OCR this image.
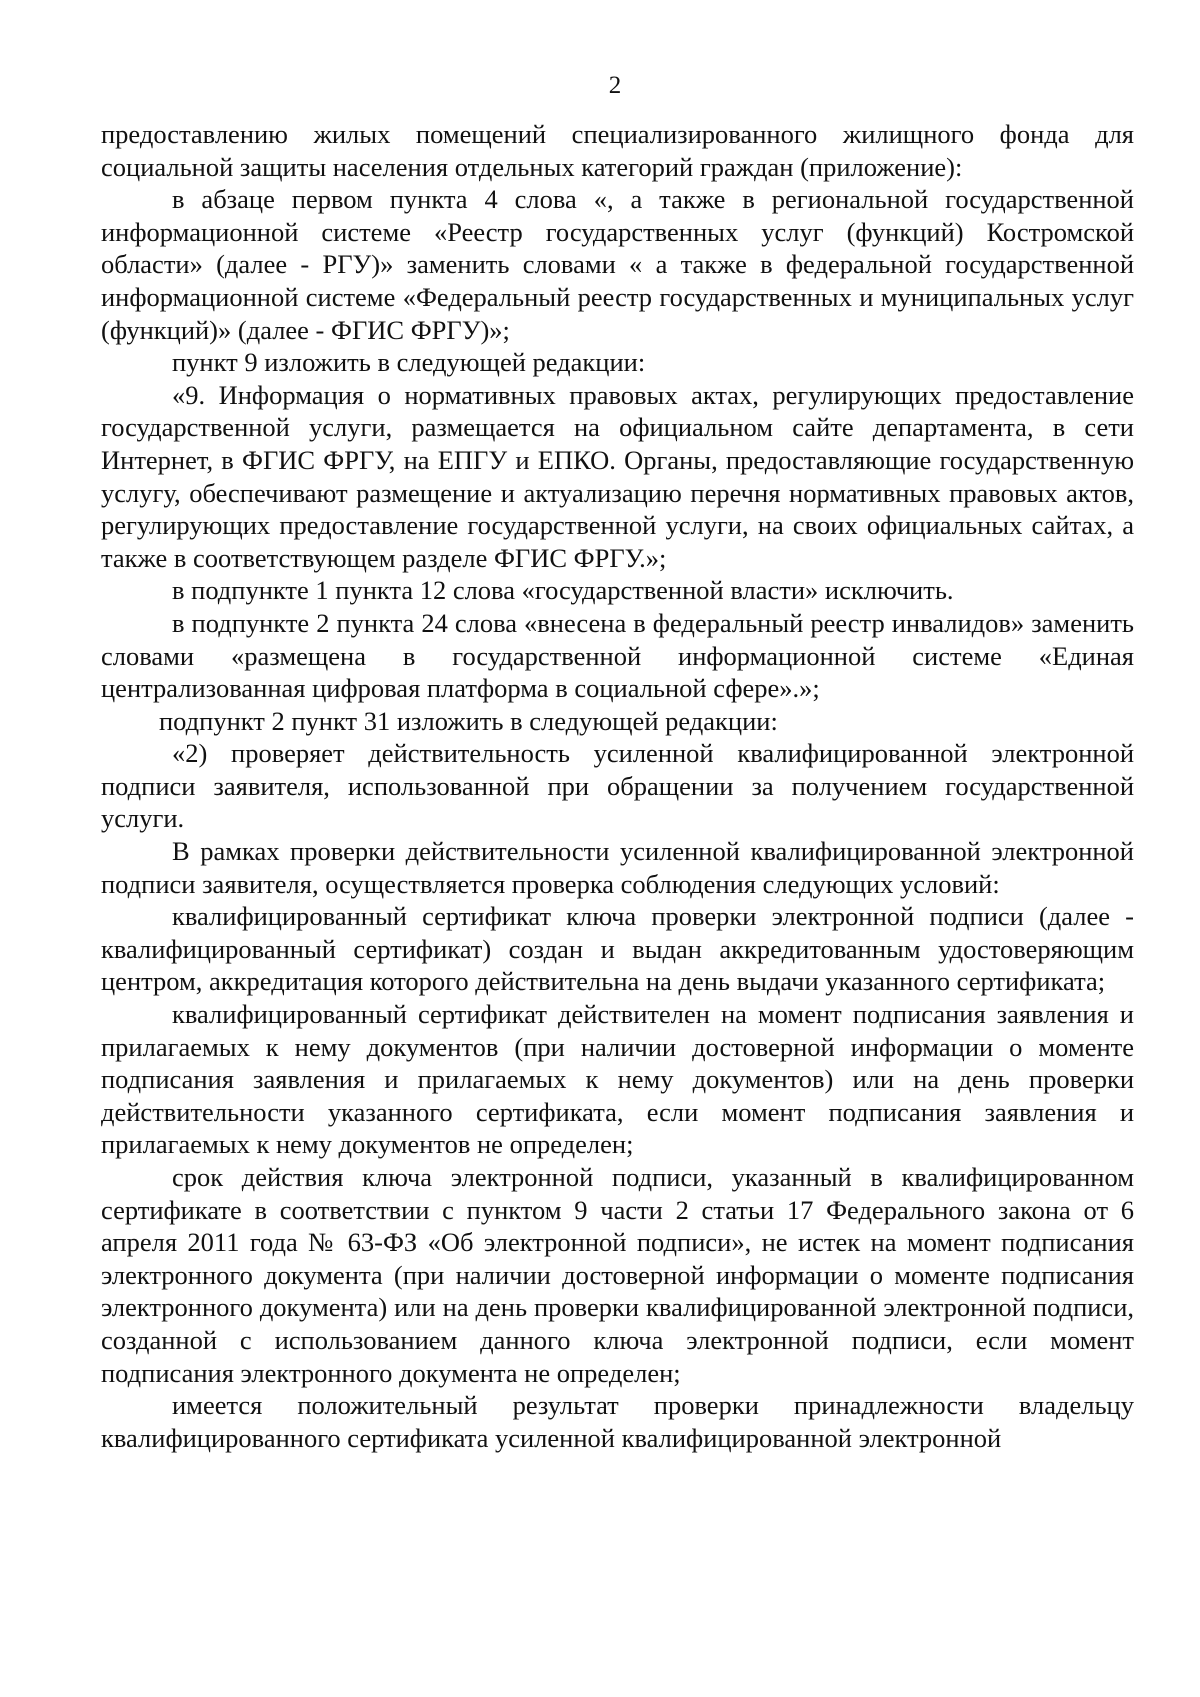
2

предоставлению жилых помещений специализированного жилищного фонда для социальной защиты населения отдельных категорий граждан (приложение):

в абзаце первом пункта 4 слова «, а также в региональной государственной информационной системе «Реестр государственных услуг (функций) Костромской области» (далее - РГУ)» заменить словами « а также в федеральной государственной информационной системе «Федеральный реестр государственных и муниципальных услуг (функций)» (далее - ФГИС ФРГУ)»;

пункт 9 изложить в следующей редакции:

«9. Информация о нормативных правовых актах, регулирующих предоставление государственной услуги, размещается на официальном сайте департамента, в сети Интернет, в ФГИС ФРГУ, на ЕПГУ и ЕПКО. Органы, предоставляющие государственную услугу, обеспечивают размещение и актуализацию перечня нормативных правовых актов, регулирующих предоставление государственной услуги, на своих официальных сайтах, а также в соответствующем разделе ФГИС ФРГУ.»;

в подпункте 1 пункта 12 слова «государственной власти» исключить.

в подпункте 2 пункта 24 слова «внесена в федеральный реестр инвалидов» заменить словами «размещена в государственной информационной системе «Единая централизованная цифровая платформа в социальной сфере».»;

подпункт 2 пункт 31 изложить в следующей редакции:

«2) проверяет действительность усиленной квалифицированной электронной подписи заявителя, использованной при обращении за получением государственной услуги.

В рамках проверки действительности усиленной квалифицированной электронной подписи заявителя, осуществляется проверка соблюдения следующих условий:

квалифицированный сертификат ключа проверки электронной подписи (далее - квалифицированный сертификат) создан и выдан аккредитованным удостоверяющим центром, аккредитация которого действительна на день выдачи указанного сертификата;

квалифицированный сертификат действителен на момент подписания заявления и прилагаемых к нему документов (при наличии достоверной информации о моменте подписания заявления и прилагаемых к нему документов) или на день проверки действительности указанного сертификата, если момент подписания заявления и прилагаемых к нему документов не определен;

срок действия ключа электронной подписи, указанный в квалифицированном сертификате в соответствии с пунктом 9 части 2 статьи 17 Федерального закона от 6 апреля 2011 года № 63-ФЗ «Об электронной подписи», не истек на момент подписания электронного документа (при наличии достоверной информации о моменте подписания электронного документа) или на день проверки квалифицированной электронной подписи, созданной с использованием данного ключа электронной подписи, если момент подписания электронного документа не определен;

имеется положительный результат проверки принадлежности владельцу квалифицированного сертификата усиленной квалифицированной электронной
